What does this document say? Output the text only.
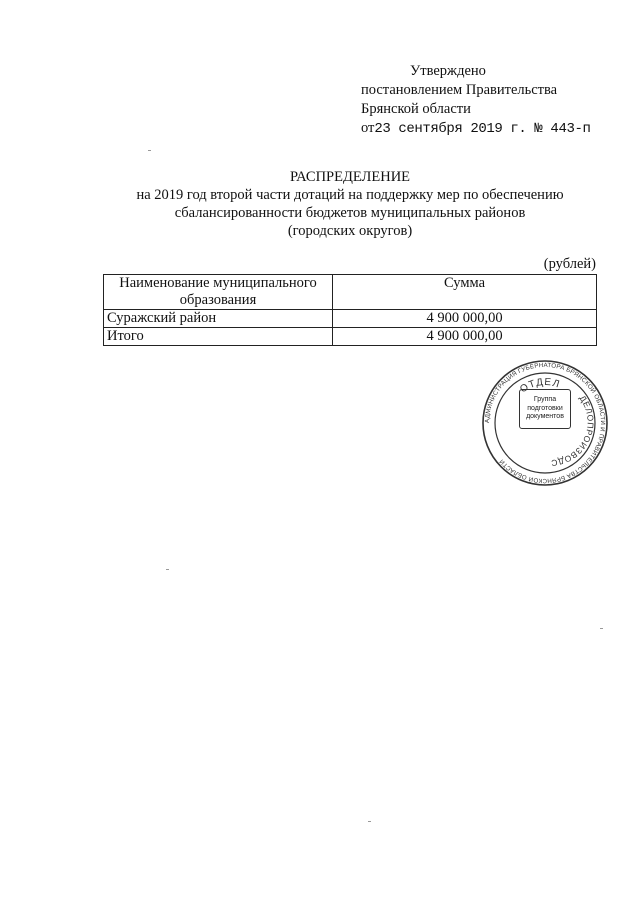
Утверждено
постановлением Правительства
Брянской области
от23 сентября 2019 г. № 443-п
РАСПРЕДЕЛЕНИЕ
на 2019 год второй части дотаций на поддержку мер по обеспечению
сбалансированности бюджетов муниципальных районов
(городских округов)
(рублей)
Наименование муниципального образования	Сумма
Суражский район	4 900 000,00
Итого	4 900 000,00
АДМИНИСТРАЦИЯ ГУБЕРНАТОРА БРЯНСКОЙ ОБЛАСТИ И ПРАВИТЕЛЬСТВА БРЯНСКОЙ ОБЛАСТИ
ОТДЕЛ
ДЕЛОПРОИЗВОДС
Группа
подготовки
документов
